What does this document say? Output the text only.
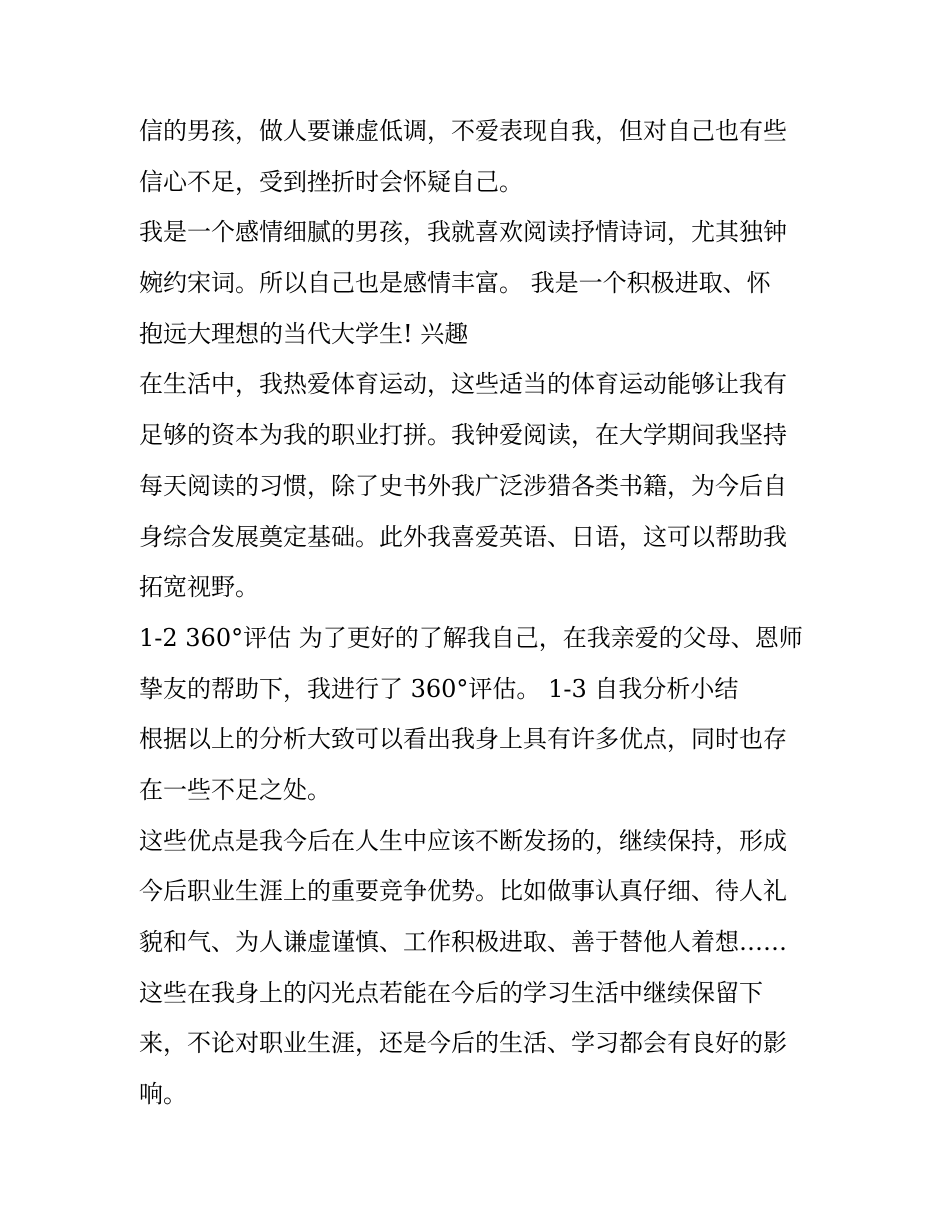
信的男孩，做人要谦虚低调，不爱表现自我，但对自己也有些
信心不足，受到挫折时会怀疑自己。
我是一个感情细腻的男孩，我就喜欢阅读抒情诗词，尤其独钟
婉约宋词。所以自己也是感情丰富。 我是一个积极进取、怀
抱远大理想的当代大学生! 兴趣
在生活中，我热爱体育运动，这些适当的体育运动能够让我有
足够的资本为我的职业打拼。我钟爱阅读，在大学期间我坚持
每天阅读的习惯，除了史书外我广泛涉猎各类书籍，为今后自
身综合发展奠定基础。此外我喜爱英语、日语，这可以帮助我
拓宽视野。
1-2 360°评估 为了更好的了解我自己，在我亲爱的父母、恩师
挚友的帮助下，我进行了 360°评估。 1-3 自我分析小结
根据以上的分析大致可以看出我身上具有许多优点，同时也存
在一些不足之处。
这些优点是我今后在人生中应该不断发扬的，继续保持，形成
今后职业生涯上的重要竞争优势。比如做事认真仔细、待人礼
貌和气、为人谦虚谨慎、工作积极进取、善于替他人着想……
这些在我身上的闪光点若能在今后的学习生活中继续保留下
来，不论对职业生涯，还是今后的生活、学习都会有良好的影
响。
